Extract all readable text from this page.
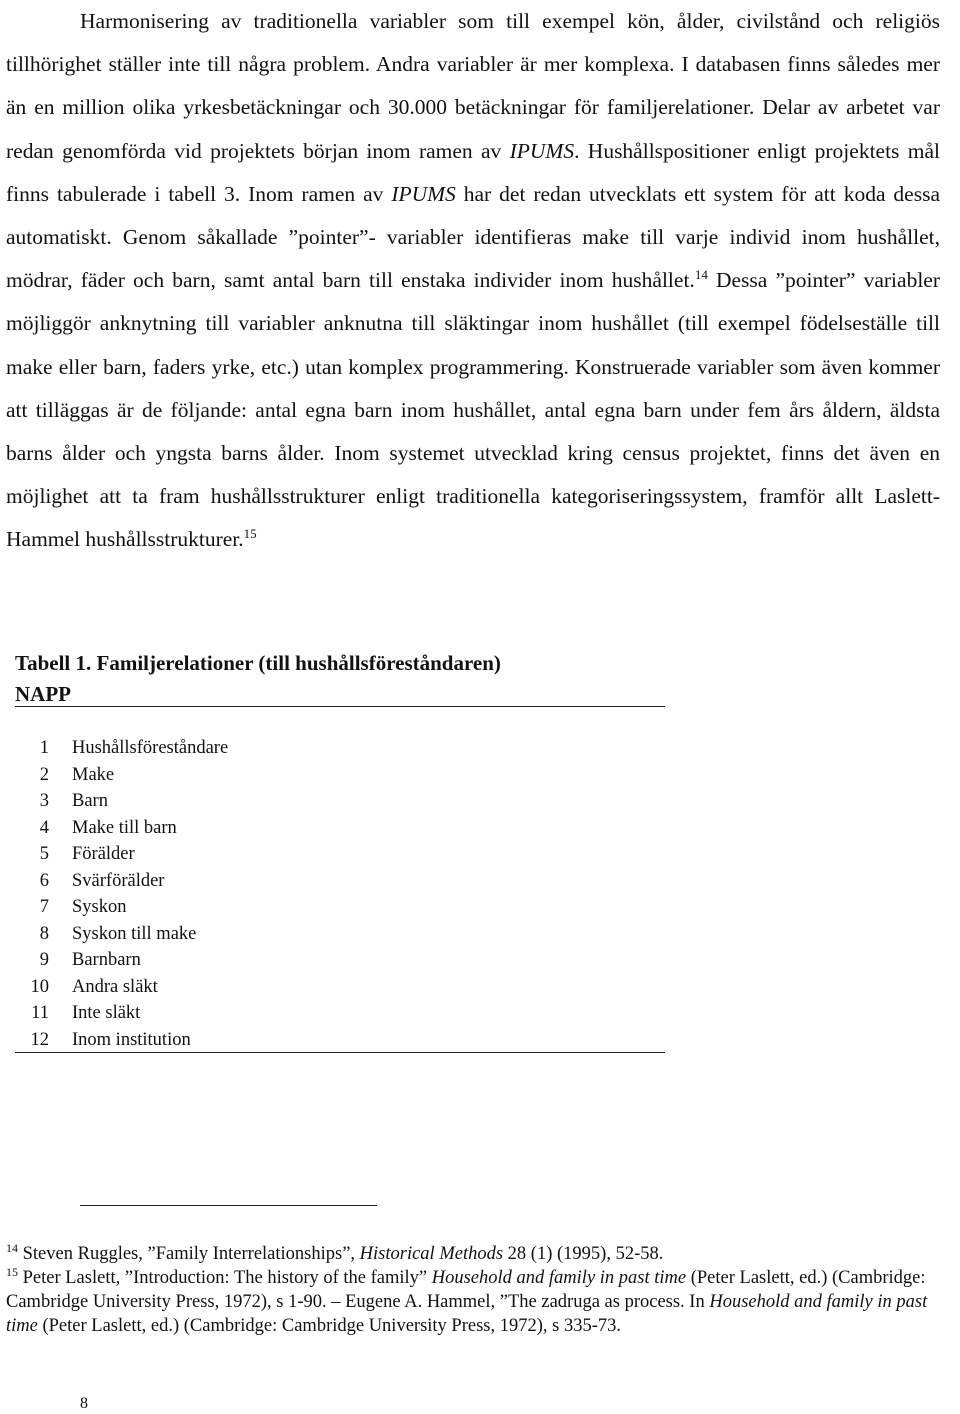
Harmonisering av traditionella variabler som till exempel kön, ålder, civilstånd och religiös tillhörighet ställer inte till några problem. Andra variabler är mer komplexa. I databasen finns således mer än en million olika yrkesbetäckningar och 30.000 betäckningar för familjerelationer. Delar av arbetet var redan genomförda vid projektets början inom ramen av IPUMS. Hushållspositioner enligt projektets mål finns tabulerade i tabell 3. Inom ramen av IPUMS har det redan utvecklats ett system för att koda dessa automatiskt. Genom såkallade ”pointer”- variabler identifieras make till varje individ inom hushållet, mödrar, fäder och barn, samt antal barn till enstaka individer inom hushållet.$^{14}$ Dessa ”pointer” variabler möjliggör anknytning till variabler anknutna till släktingar inom hushållet (till exempel födelseställe till make eller barn, faders yrke, etc.) utan komplex programmering. Konstruerade variabler som även kommer att tilläggas är de följande: antal egna barn inom hushållet, antal egna barn under fem års åldern, äldsta barns ålder och yngsta barns ålder. Inom systemet utvecklad kring census projektet, finns det även en möjlighet att ta fram hushållsstrukturer enligt traditionella kategoriseringssystem, framför allt Laslett-Hammel hushållsstrukturer.$^{15}$

Tabell 1. Familjerelationer (till hushållsföreståndaren)
NAPP
1 Hushållsföreståndare
2 Make
3 Barn
4 Make till barn
5 Förälder
6 Svärförälder
7 Syskon
8 Syskon till make
9 Barnbarn
10 Andra släkt
11 Inte släkt
12 Inom institution

$^{14}$ Steven Ruggles, ”Family Interrelationships”, Historical Methods 28 (1) (1995), 52-58.

$^{15}$ Peter Laslett, ”Introduction: The history of the family” Household and family in past time (Peter Laslett, ed.) (Cambridge: Cambridge University Press, 1972), s 1-90. – Eugene A. Hammel, ”The zadruga as process. In Household and family in past time (Peter Laslett, ed.) (Cambridge: Cambridge University Press, 1972), s 335-73.

8
